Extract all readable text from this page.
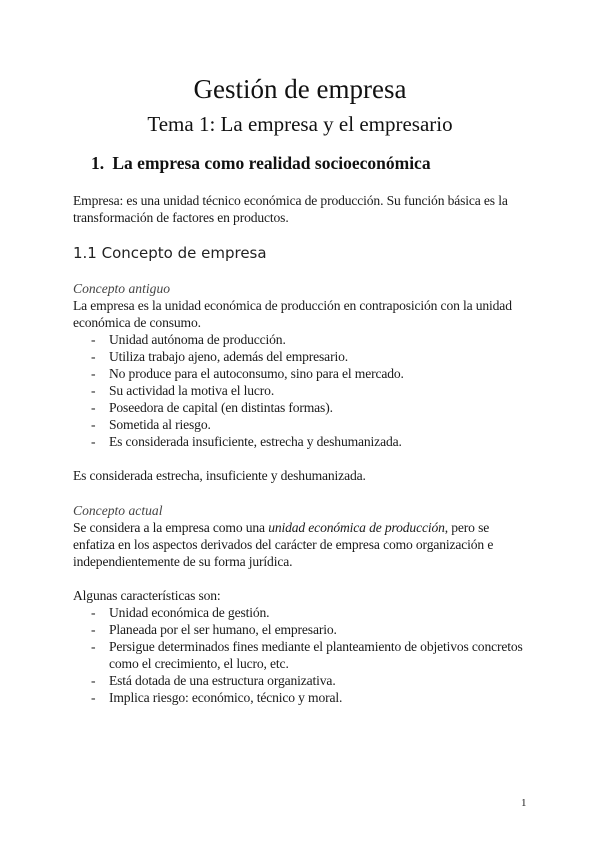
Gestión de empresa
Tema 1: La empresa y el empresario
1. La empresa como realidad socioeconómica
Empresa: es una unidad técnico económica de producción. Su función básica es la transformación de factores en productos.
1.1 Concepto de empresa
Concepto antiguo
La empresa es la unidad económica de producción en contraposición con la unidad económica de consumo.
- Unidad autónoma de producción.
- Utiliza trabajo ajeno, además del empresario.
- No produce para el autoconsumo, sino para el mercado.
- Su actividad la motiva el lucro.
- Poseedora de capital (en distintas formas).
- Sometida al riesgo.
- Es considerada insuficiente, estrecha y deshumanizada.
Es considerada estrecha, insuficiente y deshumanizada.
Concepto actual
Se considera a la empresa como una unidad económica de producción, pero se enfatiza en los aspectos derivados del carácter de empresa como organización e independientemente de su forma jurídica.
Algunas características son:
- Unidad económica de gestión.
- Planeada por el ser humano, el empresario.
- Persigue determinados fines mediante el planteamiento de objetivos concretos como el crecimiento, el lucro, etc.
- Está dotada de una estructura organizativa.
- Implica riesgo: económico, técnico y moral.
1
